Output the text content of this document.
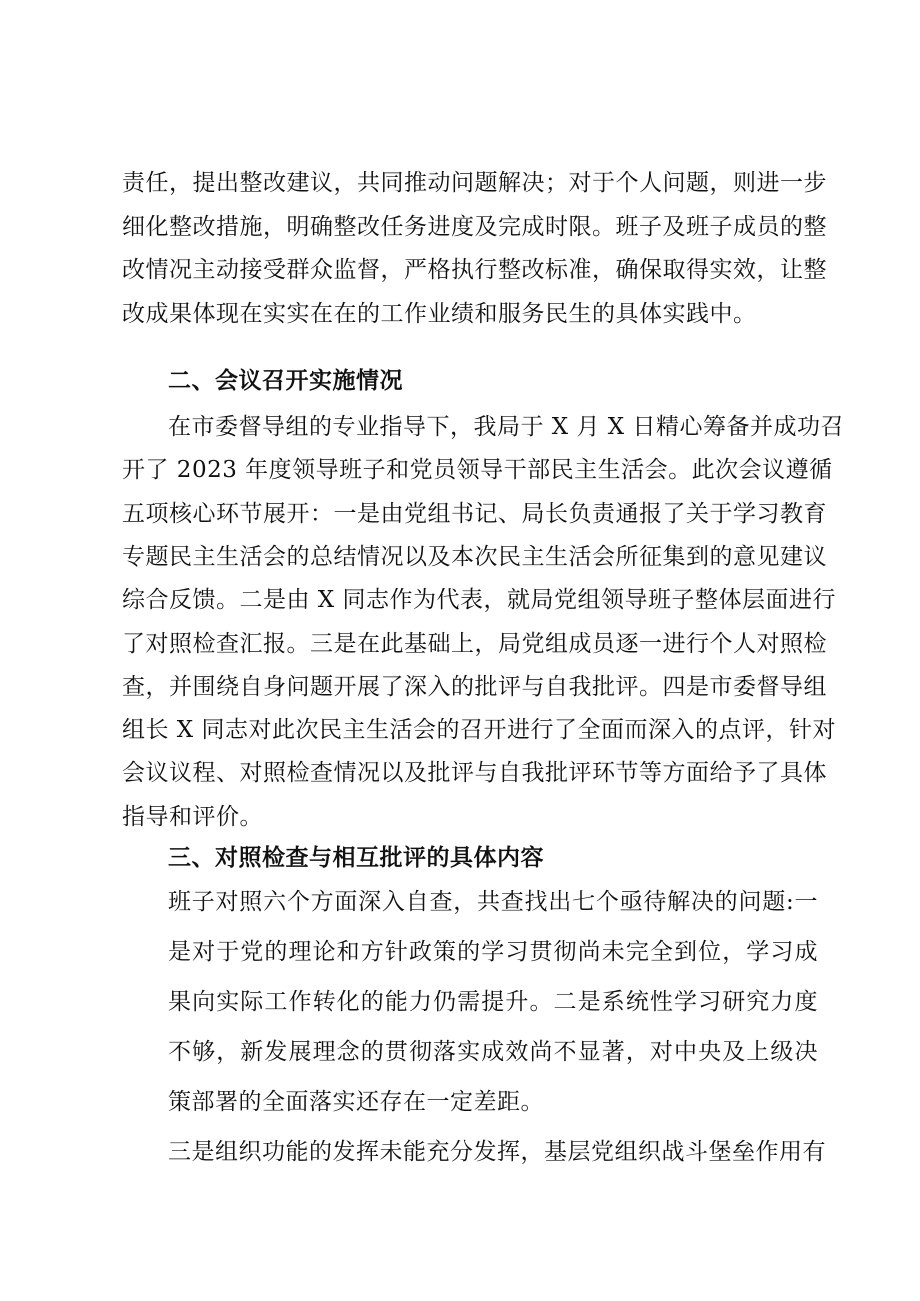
责任，提出整改建议，共同推动问题解决；对于个人问题，则进一步
细化整改措施，明确整改任务进度及完成时限。班子及班子成员的整
改情况主动接受群众监督，严格执行整改标准，确保取得实效，让整
改成果体现在实实在在的工作业绩和服务民生的具体实践中。
二、会议召开实施情况
在市委督导组的专业指导下，我局于 X 月 X 日精心筹备并成功召
开了 2023 年度领导班子和党员领导干部民主生活会。此次会议遵循
五项核心环节展开：一是由党组书记、局长负责通报了关于学习教育
专题民主生活会的总结情况以及本次民主生活会所征集到的意见建议
综合反馈。二是由 X 同志作为代表，就局党组领导班子整体层面进行
了对照检查汇报。三是在此基础上，局党组成员逐一进行个人对照检
查，并围绕自身问题开展了深入的批评与自我批评。四是市委督导组
组长 X 同志对此次民主生活会的召开进行了全面而深入的点评，针对
会议议程、对照检查情况以及批评与自我批评环节等方面给予了具体
指导和评价。
三、对照检查与相互批评的具体内容
班子对照六个方面深入自查，共查找出七个亟待解决的问题:一
是对于党的理论和方针政策的学习贯彻尚未完全到位，学习成
果向实际工作转化的能力仍需提升。二是系统性学习研究力度
不够，新发展理念的贯彻落实成效尚不显著，对中央及上级决
策部署的全面落实还存在一定差距。
三是组织功能的发挥未能充分发挥，基层党组织战斗堡垒作用有
